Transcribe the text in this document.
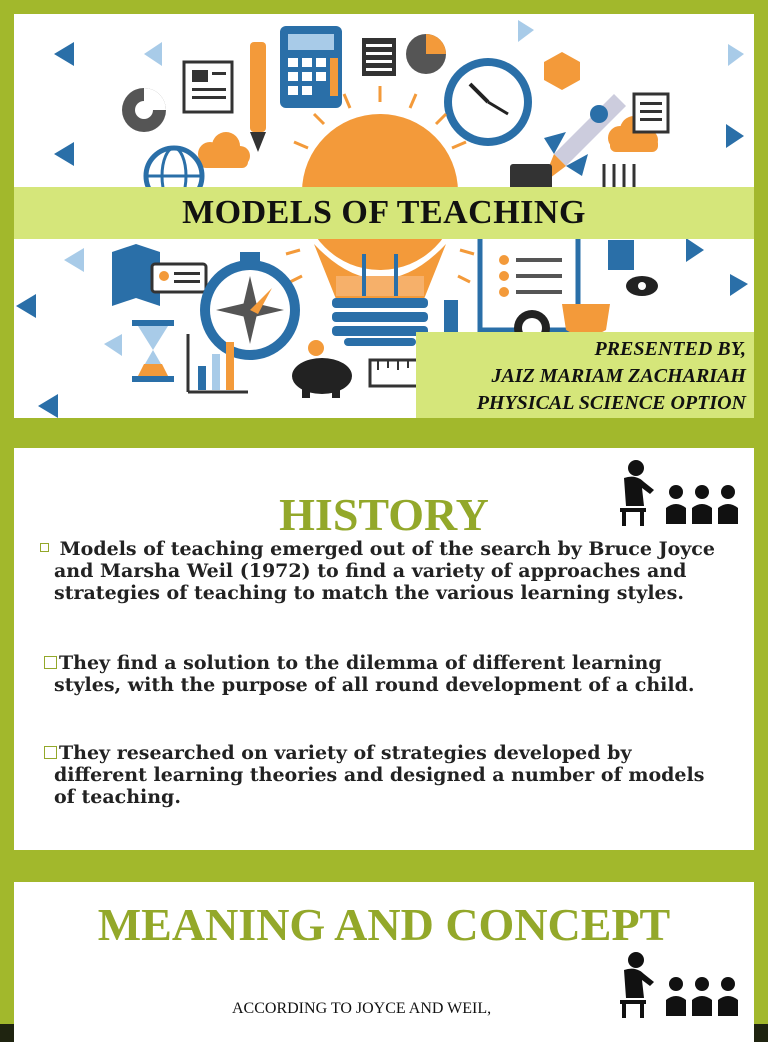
MODELS OF TEACHING
PRESENTED BY,
JAIZ MARIAM ZACHARIAH
PHYSICAL SCIENCE OPTION
HISTORY

Models of teaching emerged out of the search by Bruce Joyce

and Marsha Weil (1972) to find a variety of approaches and

strategies of teaching to match the various learning styles.

They find a solution to the dilemma of different learning

styles, with the purpose of all round development of a child.

They researched on variety of strategies developed by

different learning theories and designed a number of models

of teaching.

MEANING AND CONCEPT
ACCORDING TO JOYCE AND WEIL,
